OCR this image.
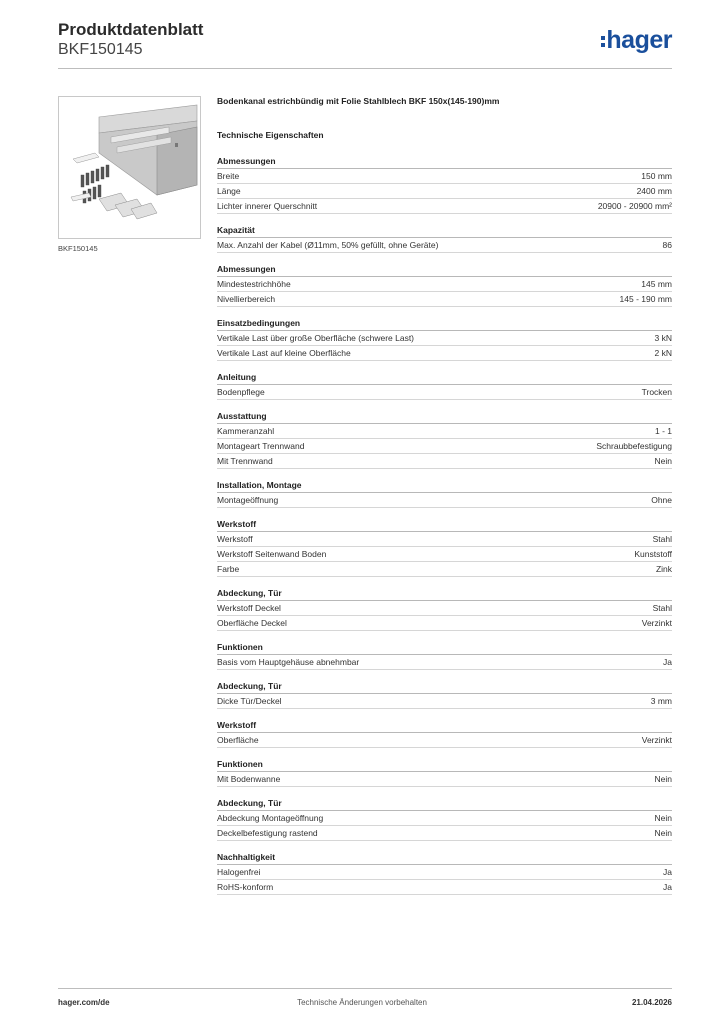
Produktdatenblatt
BKF150145	hager
BKF150145
Bodenkanal estrichbündig mit Folie Stahlblech BKF 150x(145-190)mm
Technische Eigenschaften
Abmessungen
Breite	150 mm
Länge	2400 mm
Lichter innerer Querschnitt	20900 - 20900 mm²
Kapazität
Max. Anzahl der Kabel (Ø11mm, 50% gefüllt, ohne Geräte)	86
Abmessungen
Mindestestrichhöhe	145 mm
Nivellierbereich	145 - 190 mm
Einsatzbedingungen
Vertikale Last über große Oberfläche (schwere Last)	3 kN
Vertikale Last auf kleine Oberfläche	2 kN
Anleitung
Bodenpflege	Trocken
Ausstattung
Kammeranzahl	1 - 1
Montageart Trennwand	Schraubbefestigung
Mit Trennwand	Nein
Installation, Montage
Montageöffnung	Ohne
Werkstoff
Werkstoff	Stahl
Werkstoff Seitenwand Boden	Kunststoff
Farbe	Zink
Abdeckung, Tür
Werkstoff Deckel	Stahl
Oberfläche Deckel	Verzinkt
Funktionen
Basis vom Hauptgehäuse abnehmbar	Ja
Abdeckung, Tür
Dicke Tür/Deckel	3 mm
Werkstoff
Oberfläche	Verzinkt
Funktionen
Mit Bodenwanne	Nein
Abdeckung, Tür
Abdeckung Montageöffnung	Nein
Deckelbefestigung rastend	Nein
Nachhaltigkeit
Halogenfrei	Ja
RoHS-konform	Ja
hager.com/de	Technische Änderungen vorbehalten	21.04.2026
